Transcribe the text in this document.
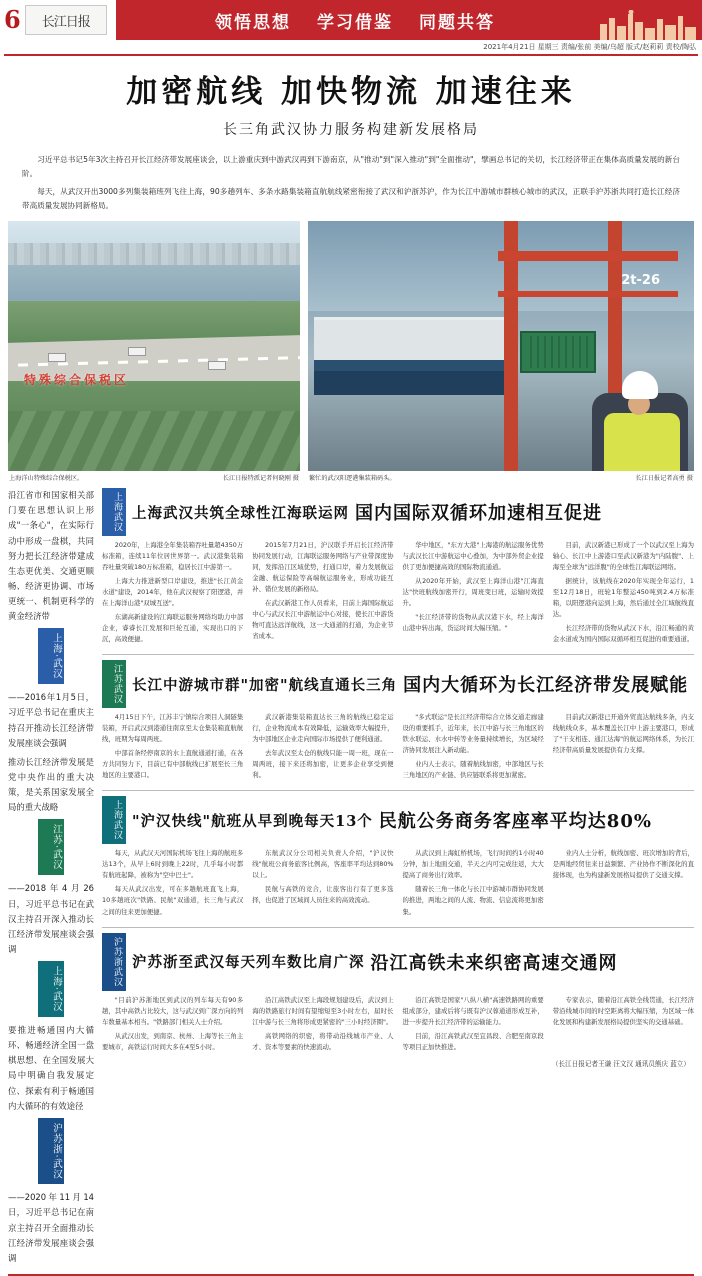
6 长江日报	领悟思想 学习借鉴 同题共答
2021年4月21日 星期三 责编/张前 美编/乌超 版式/赵莉莉 责校/陶弘
加密航线 加快物流 加速往来
长三角武汉协力服务构建新发展格局
习近平总书记5年3次主持召开长江经济带发展座谈会，以上游重庆到中游武汉再到下游南京，从"推动"到"深入推动"到"全面推动"，擘画总书记的关切，长江经济带正在集体高质量发展的新台阶。
每天，从武汉开出3000多列集装箱班列飞往上海，90多趟列车、多条水路集装箱直航航线紧密衔接了武汉和沪浙苏沪，作为长江中游城市群核心城市的武汉，正联手沪苏浙共同打造长江经济带高质量发展协同新格局。
特殊综合保税区
上海洋山特殊综合保税区。	长江日报特派记者何晓刚 摄
2t-26
繁忙的武汉阳逻港集装箱码头。	长江日报记者高勇 摄
沿江省市和国家相关部门要在思想认识上形成"一条心"，在实际行动中形成一盘棋，共同努力把长江经济带建成生态更优美、交通更顺畅、经济更协调、市场更统一、机制更科学的黄金经济带
上海·武汉
——2016年1月5日，习近平总书记在重庆主持召开推动长江经济带发展座谈会强调
推动长江经济带发展是党中央作出的重大决策，是关系国家发展全局的重大战略
江苏·武汉
——2018年4月26日，习近平总书记在武汉主持召开深入推动长江经济带发展座谈会强调
上海·武汉
要推进畅通国内大循环、畅通经济全国一盘棋思想、在全国发展大局中明确自我发展定位、探索有利于畅通国内大循环的有效途径
沪苏浙·武汉
——2020年11月14日，习近平总书记在南京主持召开全面推动长江经济带发展座谈会强调
上海武汉 上海武汉共筑全球性江海联运网 国内国际双循环加速相互促进

2020年，上海港全年集装箱吞吐量超4350万标准箱，连续11年位居世界第一。武汉港集装箱吞吐量突破180万标准箱，稳居长江中游第一。

上海大力推进新型口岸建设，推进"长江黄金水道"建设，2014年，他在武汉视察了阳逻港，并在上海洋山港"双城互送"。

东湖高新建设的江海联运服务网络均助力中部企业，睿睿长江发展和巨轮互通，实现出口的下沉，高效便捷。

2015年7月21日，沪汉联手开启长江经济带协同发展行动，江海联运服务网络与产业带深度协同，发挥沿江区域优势，打通口岸，着力发展航运金融、航运保险等高端航运服务业，形成功能互补、错位发展的新格局。

在武汉新港工作人员看来，目前上海国际航运中心与武汉长江中游航运中心对接，使长江中游货物可直达远洋航线，这一大通道的打通，为企业节省成本。

华中地区，"东方大港"上海港的航运服务优势与武汉长江中游航运中心叠加，为中部外贸企业提供了更加便捷高效的国际物流通道。

从2020年开始，武汉至上海洋山港"江海直达"快班航线加密开行，周班变日班，运输时效提升。

"长江经济带的货物从武汉港下水，经上海洋山港中转出海，货运时间大幅压缩。"

目前，武汉新港已形成了一个以武汉至上海为轴心、长江中上游港口至武汉新港为"内陆腹"、上海至全球为"远洋腹"的全球性江海联运网络。

据统计，该航线在2020年实现全年运行，1至12月18日，班轮1年整运450吨到2.4万标准箱，以阳逻港向运到上海，然后通过全江域航线直达。

长江经济带的货物从武汉下水，沿江畅通的黄金水道成为国内国际双循环相互促进的重要通道。

江苏武汉 长江中游城市群"加密"航线直通长三角 国内大循环为长江经济带发展赋能

4月15日下午，江苏丰宁镇综合项目人洞隧集装箱，开启武汉到港通往南京至太仓集装箱直航航线，班期为每周两班。

中部首条经停南京的水上直航通道打通，在各方共同努力下，目前已有中部航线已扩展至长三角地区的主要港口。

武汉新港集装箱直达长三角的航线已稳定运行，企业物流成本有效降低，运输效率大幅提升，为中部地区企业走向国际市场提供了便利通道。

去年武汉至太仓的航线只能一周一班，现在一周两班，接下来还将加密，让更多企业享受到便利。

"多式联运"是长江经济带综合立体交通走廊建设的重要抓手，近年来，长江中游与长三角地区的铁水联运、水水中转等业务量持续增长，为区域经济协同发展注入新动能。

业内人士表示，随着航线加密，中部地区与长三角地区的产业链、供应链联系将更加紧密。

目前武汉新港已开通外贸直达航线多条，内支线航线众多，基本覆盖长江中上游主要港口，形成了"干支相连、通江达海"的航运网络体系，为长江经济带高质量发展提供有力支撑。

上海武汉 "沪汉快线"航班从早到晚每天13个 民航公务商务客座率平均达80%

每天，从武汉天河国际机场飞往上海的航班多达13个，从早上6时到晚上22时，几乎每小时都有航班起降，被称为"空中巴士"。

每天从武汉出发，可在多趟航班直飞上海，10多趟班次"铁路、民航"双通道，长三角与武汉之间的往来更加便捷。

东航武汉分公司相关负责人介绍，"沪汉快线"航班公商务旅客比例高，客座率平均达到80%以上。

民航与高铁的竞合，让旅客出行有了更多选择，也促进了区域间人员往来的高效流动。

从武汉到上海虹桥机场，飞行时间约1小时40分钟，加上地面交通，半天之内可完成往返，大大提高了商务出行效率。

随着长三角一体化与长江中游城市群协同发展的推进，两地之间的人流、物流、信息流将更加密集。

业内人士分析，航线加密、班次增加的背后，是两地经贸往来日益频繁、产业协作不断深化的直接体现，也为构建新发展格局提供了交通支撑。

沪苏浙武汉 沪苏浙至武汉每天列车数比肩广深 沿江高铁未来织密高速交通网

"目前沪苏浙地区到武汉的列车每天有90多趟，其中高铁占比较大，这与武汉到广深方向的列车数量基本相当。"铁路部门相关人士介绍。

从武汉出发，到南京、杭州、上海等长三角主要城市，高铁运行时间大多在4至5小时。

沿江高铁武汉至上海段规划建设后，武汉到上海的铁路旅行时间有望缩短至3小时左右，届时长江中游与长三角将形成更紧密的"三小时经济圈"。

高铁网络的织密，将带动沿线城市产业、人才、资本等要素的快速流动。

沿江高铁是国家"八纵八横"高速铁路网的重要组成部分，建成后将与既有沪汉蓉通道形成互补，进一步提升长江经济带的运输能力。

目前，沿江高铁武汉至宜昌段、合肥至南京段等项目正加快推进。

专家表示，随着沿江高铁全线贯通，长江经济带沿线城市间的时空距离将大幅压缩，为区域一体化发展和构建新发展格局提供坚实的交通基础。

（长江日报记者王谦 汪文汉 通讯员熊庆 蓝立）
